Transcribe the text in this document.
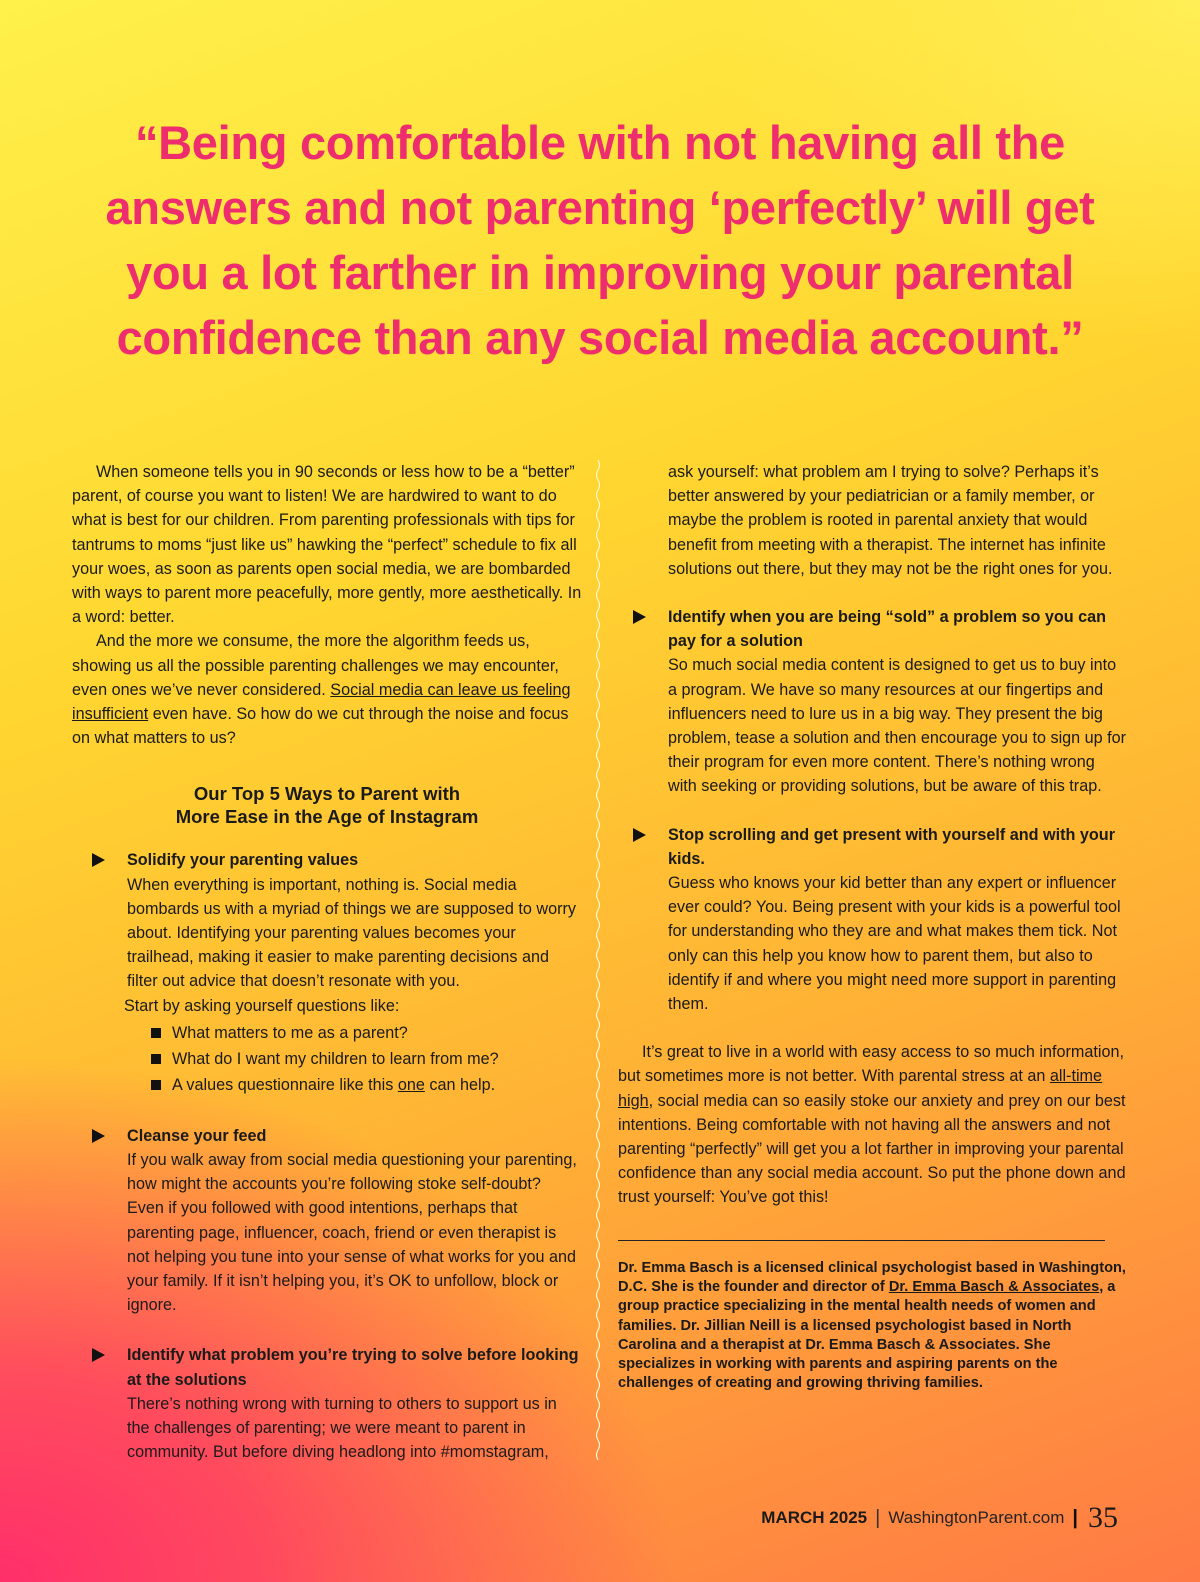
“Being comfortable with not having all the answers and not parenting ‘perfectly’ will get you a lot farther in improving your parental confidence than any social media account.”

When someone tells you in 90 seconds or less how to be a “better” parent, of course you want to listen! We are hardwired to want to do what is best for our children. From parenting professionals with tips for tantrums to moms “just like us” hawking the “perfect” schedule to fix all your woes, as soon as parents open social media, we are bombarded with ways to parent more peacefully, more gently, more aesthetically. In a word: better.

And the more we consume, the more the algorithm feeds us, showing us all the possible parenting challenges we may encounter, even ones we’ve never considered. Social media can leave us feeling insufficient even have. So how do we cut through the noise and focus on what matters to us?

Our Top 5 Ways to Parent with
More Ease in the Age of Instagram
Solidify your parenting values
When everything is important, nothing is. Social media bombards us with a myriad of things we are supposed to worry about. Identifying your parenting values becomes your trailhead, making it easier to make parenting decisions and filter out advice that doesn’t resonate with you.
Start by asking yourself questions like:
What matters to me as a parent?
What do I want my children to learn from me?
A values questionnaire like this one can help.
Cleanse your feed
If you walk away from social media questioning your parenting, how might the accounts you’re following stoke self-doubt? Even if you followed with good intentions, perhaps that parenting page, influencer, coach, friend or even therapist is not helping you tune into your sense of what works for you and your family. If it isn’t helping you, it’s OK to unfollow, block or ignore.
Identify what problem you’re trying to solve before looking at the solutions
There’s nothing wrong with turning to others to support us in the challenges of parenting; we were meant to parent in community. But before diving headlong into #momstagram,
ask yourself: what problem am I trying to solve? Perhaps it’s better answered by your pediatrician or a family member, or maybe the problem is rooted in parental anxiety that would benefit from meeting with a therapist. The internet has infinite solutions out there, but they may not be the right ones for you.
Identify when you are being “sold” a problem so you can pay for a solution
So much social media content is designed to get us to buy into a program. We have so many resources at our fingertips and influencers need to lure us in a big way. They present the big problem, tease a solution and then encourage you to sign up for their program for even more content. There’s nothing wrong with seeking or providing solutions, but be aware of this trap.
Stop scrolling and get present with yourself and with your kids.
Guess who knows your kid better than any expert or influencer ever could? You. Being present with your kids is a powerful tool for understanding who they are and what makes them tick. Not only can this help you know how to parent them, but also to identify if and where you might need more support in parenting them.

It’s great to live in a world with easy access to so much information, but sometimes more is not better. With parental stress at an all-time high, social media can so easily stoke our anxiety and prey on our best intentions. Being comfortable with not having all the answers and not parenting “perfectly” will get you a lot farther in improving your parental confidence than any social media account. So put the phone down and trust yourself: You’ve got this!

Dr. Emma Basch is a licensed clinical psychologist based in Washington, D.C. She is the founder and director of Dr. Emma Basch & Associates, a group practice specializing in the mental health needs of women and families. Dr. Jillian Neill is a licensed psychologist based in North Carolina and a therapist at Dr. Emma Basch & Associates. She specializes in working with parents and aspiring parents on the challenges of creating and growing thriving families.

MARCH 2025 | WashingtonParent.com | 35
